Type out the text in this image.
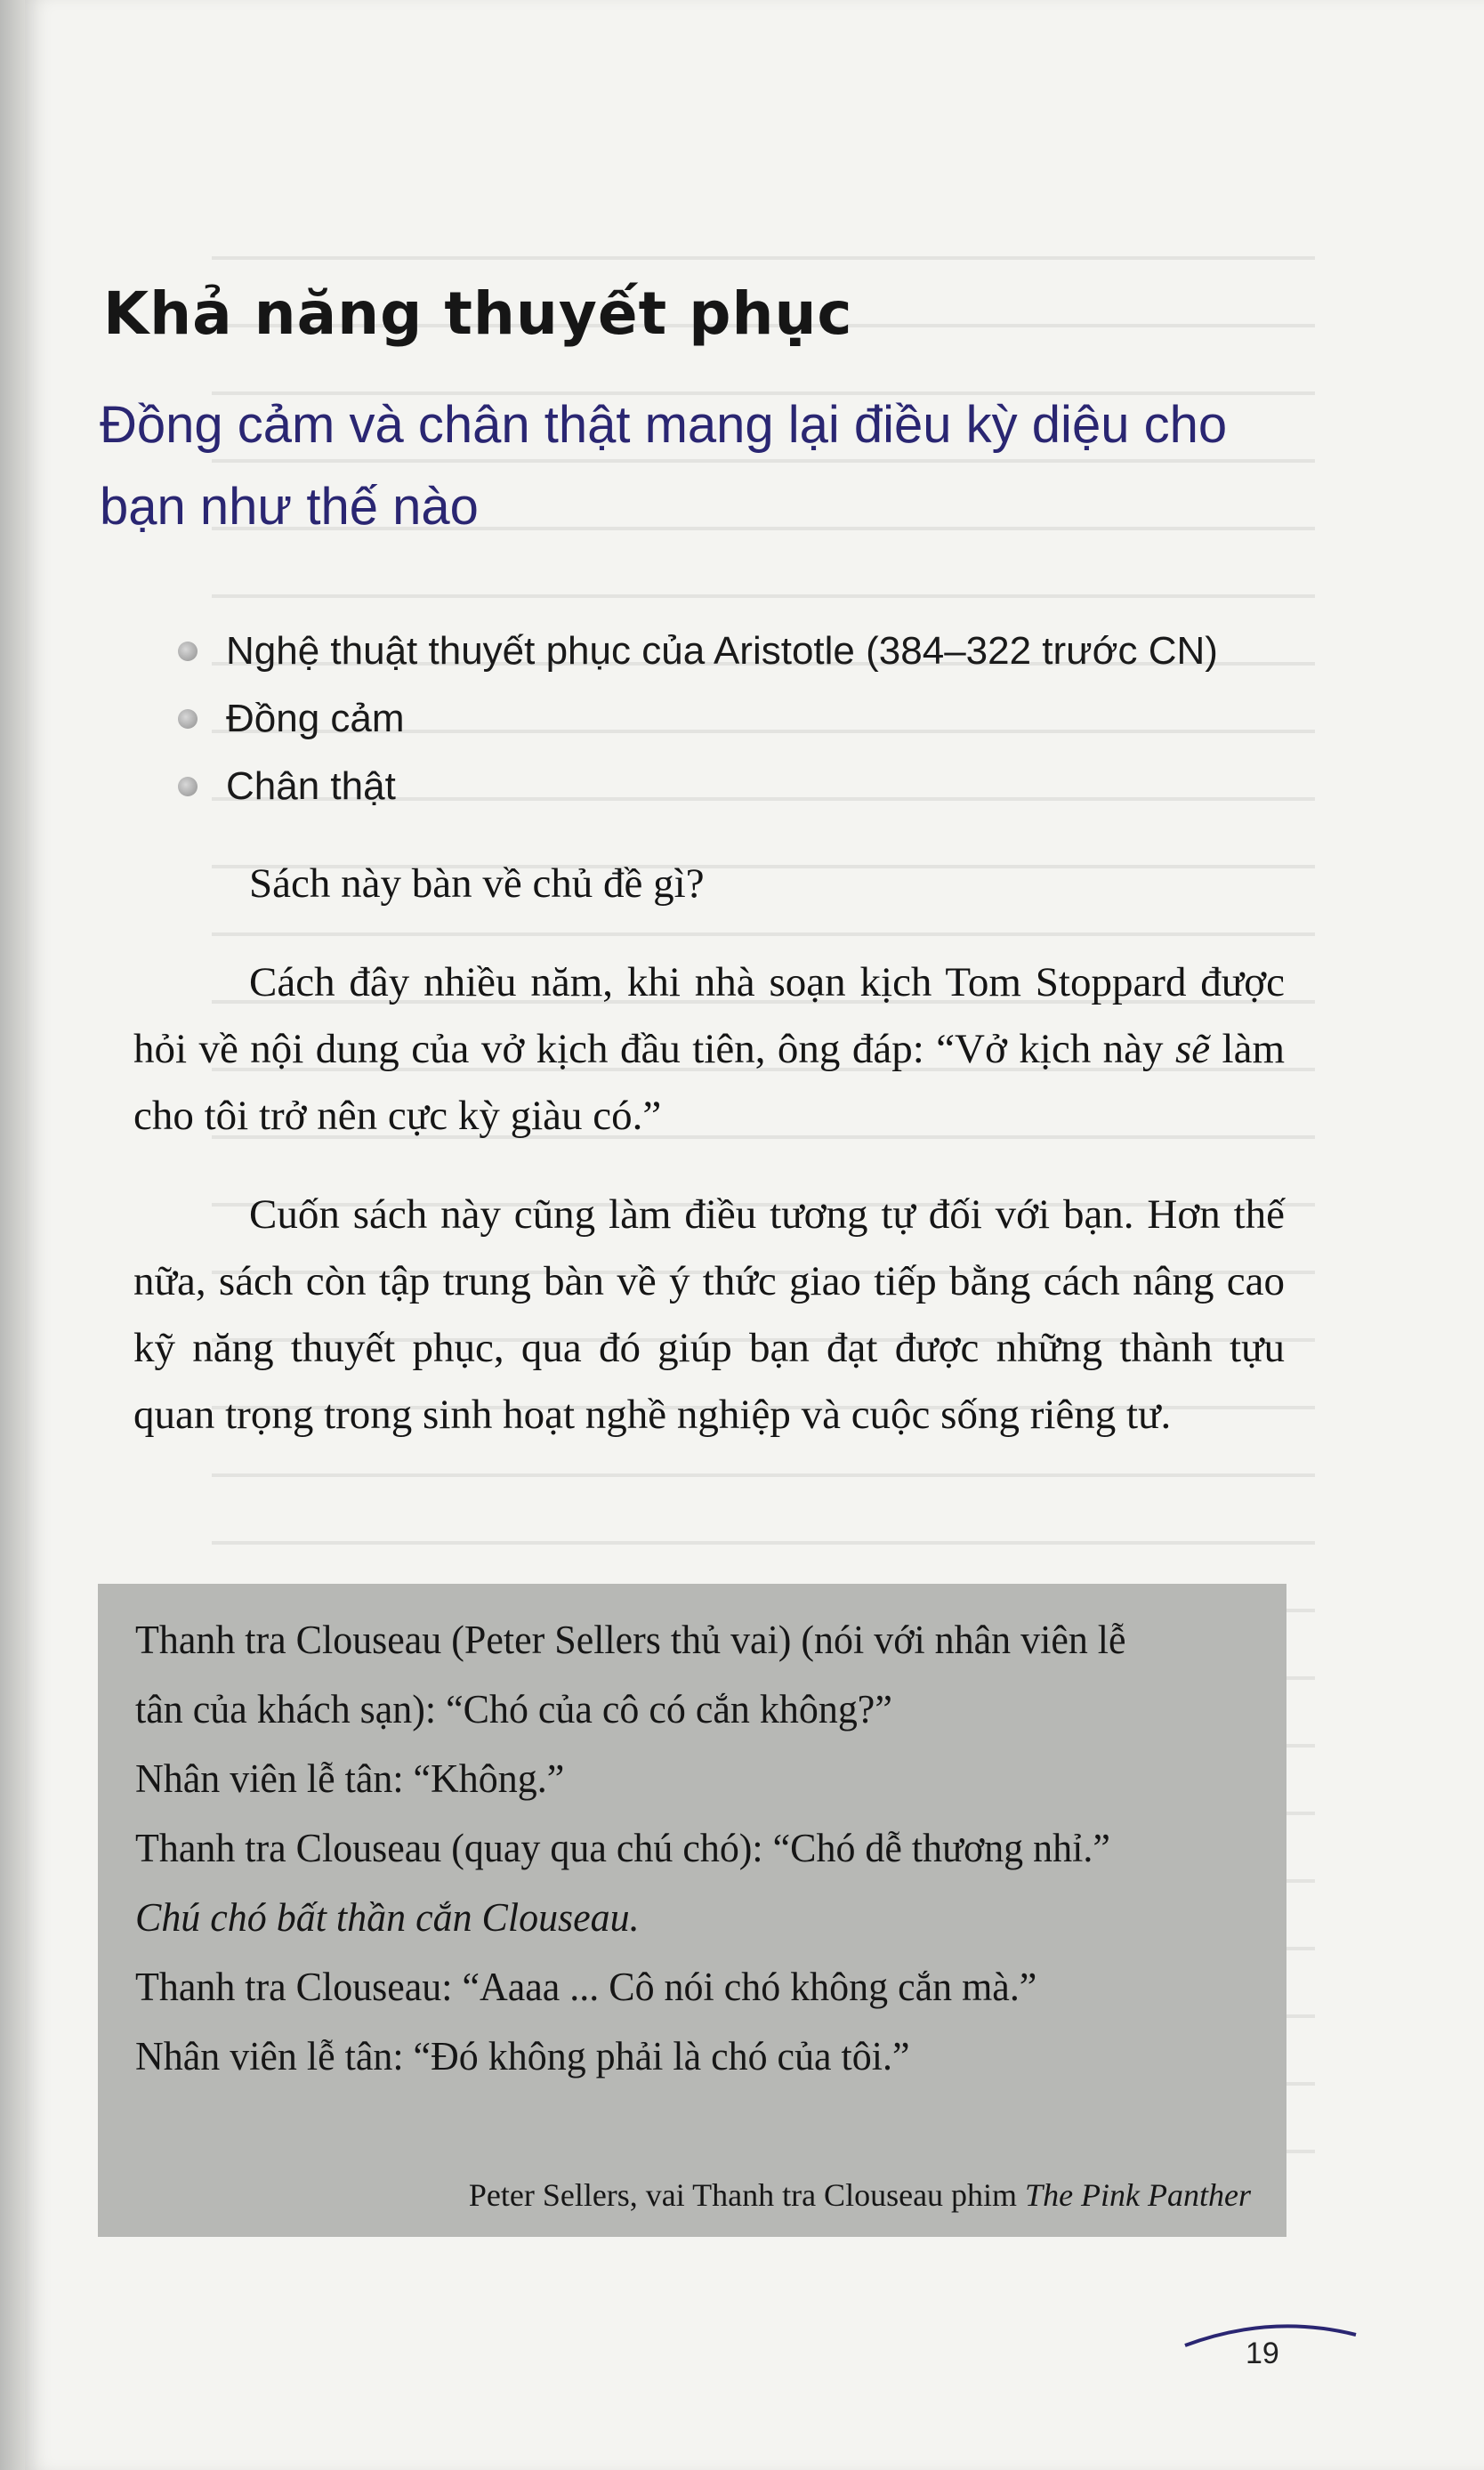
Khả năng thuyết phục
Đồng cảm và chân thật mang lại điều kỳ diệu cho bạn như thế nào
Nghệ thuật thuyết phục của Aristotle (384–322 trước CN)
Đồng cảm
Chân thật

Sách này bàn về chủ đề gì?

Cách đây nhiều năm, khi nhà soạn kịch Tom Stoppard được hỏi về nội dung của vở kịch đầu tiên, ông đáp: “Vở kịch này sẽ làm cho tôi trở nên cực kỳ giàu có.”

Cuốn sách này cũng làm điều tương tự đối với bạn. Hơn thế nữa, sách còn tập trung bàn về ý thức giao tiếp bằng cách nâng cao kỹ năng thuyết phục, qua đó giúp bạn đạt được những thành tựu quan trọng trong sinh hoạt nghề nghiệp và cuộc sống riêng tư.

Thanh tra Clouseau (Peter Sellers thủ vai) (nói với nhân viên lễ
tân của khách sạn): “Chó của cô có cắn không?”
Nhân viên lễ tân: “Không.”
Thanh tra Clouseau (quay qua chú chó): “Chó dễ thương nhỉ.”
Chú chó bất thần cắn Clouseau.
Thanh tra Clouseau: “Aaaa ... Cô nói chó không cắn mà.”
Nhân viên lễ tân: “Đó không phải là chó của tôi.”
Peter Sellers, vai Thanh tra Clouseau phim The Pink Panther
19
